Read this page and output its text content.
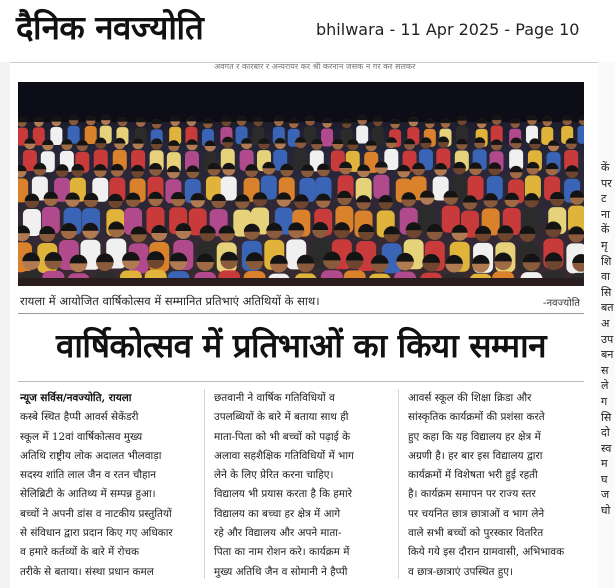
दैनिक नवज्योति	bhilwara - 11 Apr 2025 - Page 10
अवगत र कारबार र अन्यरायर कर श्री करनान जसक न गर कर सलकर
रायला में आयोजित वार्षिकोत्सव में सम्मानित प्रतिभाएं अतिथियों के साथ।	-नवज्योति
वार्षिकोत्सव में प्रतिभाओं का किया सम्मान
न्यूज सर्विस/नवज्योति, रायला
कस्बे स्थित हैप्पी आवर्स सेकेंडरी
स्कूल में 12वां वार्षिकोत्सव मुख्य
अतिथि राष्ट्रीय लोक अदालत भीलवाड़ा
सदस्य शांति लाल जैन व रतन चौहान
सेलिब्रिटी के आतिथ्य में सम्पन्न हुआ।
बच्चों ने अपनी डांस व नाटकीय प्रस्तुतियों
से संविधान द्वारा प्रदान किए गए अधिकार
व हमारे कर्तव्यों के बारे में रोचक
तरीके से बताया। संस्था प्रधान कमल
छतवानी ने वार्षिक गतिविधियों व
उपलब्धियों के बारे में बताया साथ ही
माता-पिता को भी बच्चों को पढ़ाई के
अलावा सहशैक्षिक गतिविधियों में भाग
लेने के लिए प्रेरित करना चाहिए।
विद्यालय भी प्रयास करता है कि हमारे
विद्यालय का बच्चा हर क्षेत्र में आगे
रहे और विद्यालय और अपने माता-
पिता का नाम रोशन करे। कार्यक्रम में
मुख्य अतिथि जैन व सोमानी ने हैप्पी
आवर्स स्कूल की शिक्षा क्रिडा और
सांस्कृतिक कार्यक्रमों की प्रशंसा करते
हुए कहा कि यह विद्यालय हर क्षेत्र में
अग्रणी है। हर बार इस विद्यालय द्वारा
कार्यक्रमों में विशेषता भरी हुई रहती
है। कार्यक्रम समापन पर राज्य स्तर
पर चयनित छात्र छात्राओं व भाग लेने
वाले सभी बच्चों को पुरस्कार वितरित
किये गये इस दौरान ग्रामवासी, अभिभावक
व छात्र-छात्राएं उपस्थित हुए।
कें
पर
ट
ना
कें
मृ
शि
वा
सि
बत
अ
उप
बन
स
ले
ग
सि
दो
स्व
म
घ
ज
घो
